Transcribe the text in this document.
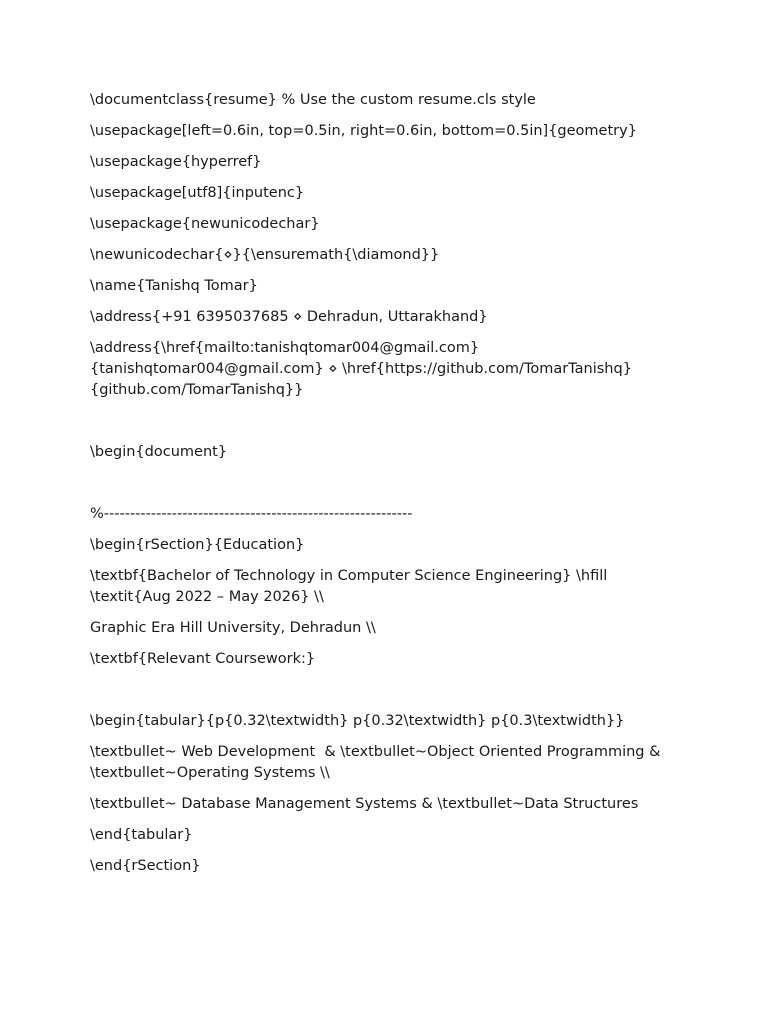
\documentclass{resume} % Use the custom resume.cls style
\usepackage[left=0.6in, top=0.5in, right=0.6in, bottom=0.5in]{geometry}
\usepackage{hyperref}
\usepackage[utf8]{inputenc}
\usepackage{newunicodechar}
\newunicodechar{⋄}{\ensuremath{\diamond}}
\name{Tanishq Tomar}
\address{+91 6395037685 ⋄ Dehradun, Uttarakhand}
\address{\href{mailto:tanishqtomar004@gmail.com}{tanishqtomar004@gmail.com} ⋄ \href{https://github.com/TomarTanishq}{github.com/TomarTanishq}}
\begin{document}
%-----------------------------------------------------------
\begin{rSection}{Education}
\textbf{Bachelor of Technology in Computer Science Engineering} \hfill \textit{Aug 2022 – May 2026} \\
Graphic Era Hill University, Dehradun \\
\textbf{Relevant Coursework:}
\begin{tabular}{p{0.32\textwidth} p{0.32\textwidth} p{0.3\textwidth}}
\textbullet~ Web Development  & \textbullet~Object Oriented Programming & \textbullet~Operating Systems \\
\textbullet~ Database Management Systems & \textbullet~Data Structures
\end{tabular}
\end{rSection}
